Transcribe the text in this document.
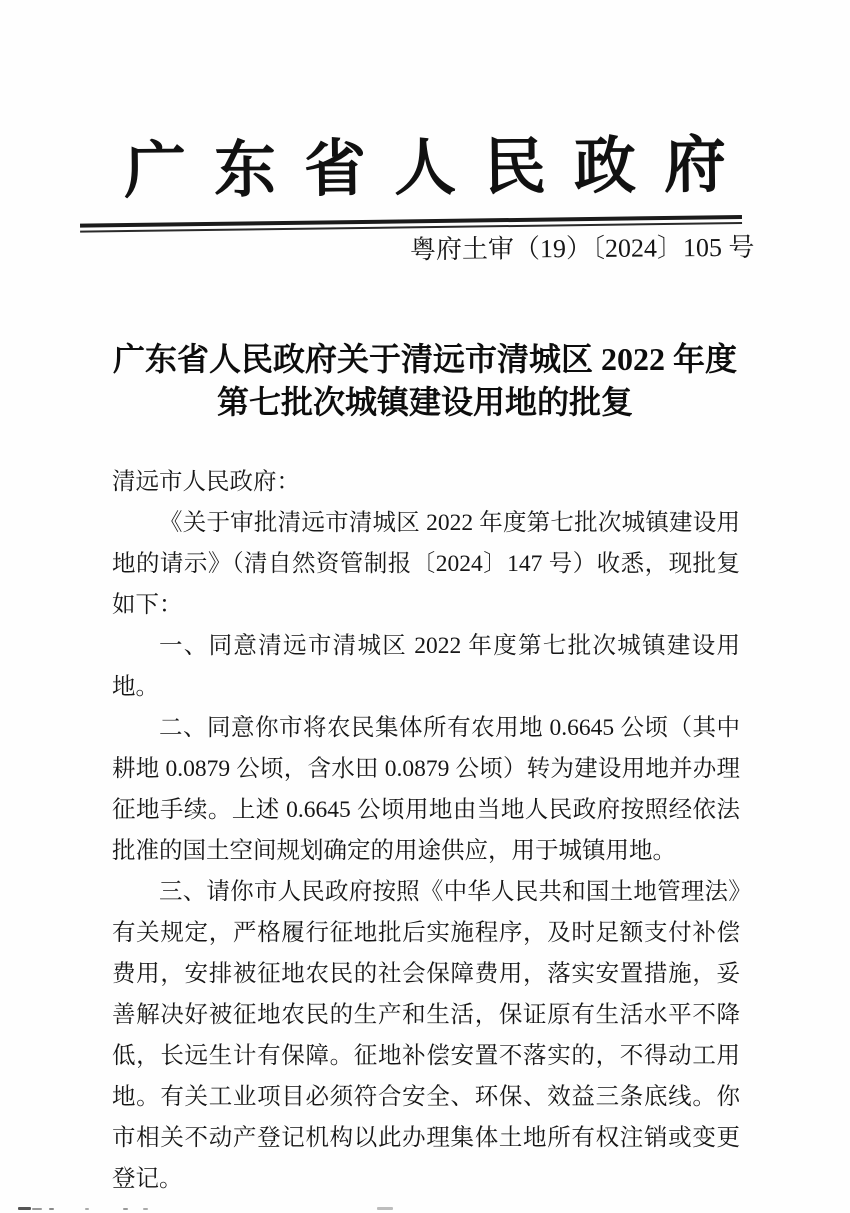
广东省人民政府
粤府土审（19）〔2024〕105 号
广东省人民政府关于清远市清城区 2022 年度
第七批次城镇建设用地的批复

清远市人民政府：

《关于审批清远市清城区 2022 年度第七批次城镇建设用地的请示》（清自然资管制报〔2024〕147 号）收悉，现批复如下：

一、同意清远市清城区 2022 年度第七批次城镇建设用地。

二、同意你市将农民集体所有农用地 0.6645 公顷（其中耕地 0.0879 公顷，含水田 0.0879 公顷）转为建设用地并办理征地手续。上述 0.6645 公顷用地由当地人民政府按照经依法批准的国土空间规划确定的用途供应，用于城镇用地。

三、请你市人民政府按照《中华人民共和国土地管理法》有关规定，严格履行征地批后实施程序，及时足额支付补偿费用，安排被征地农民的社会保障费用，落实安置措施，妥善解决好被征地农民的生产和生活，保证原有生活水平不降低，长远生计有保障。征地补偿安置不落实的，不得动工用地。有关工业项目必须符合安全、环保、效益三条底线。你市相关不动产登记机构以此办理集体土地所有权注销或变更登记。
